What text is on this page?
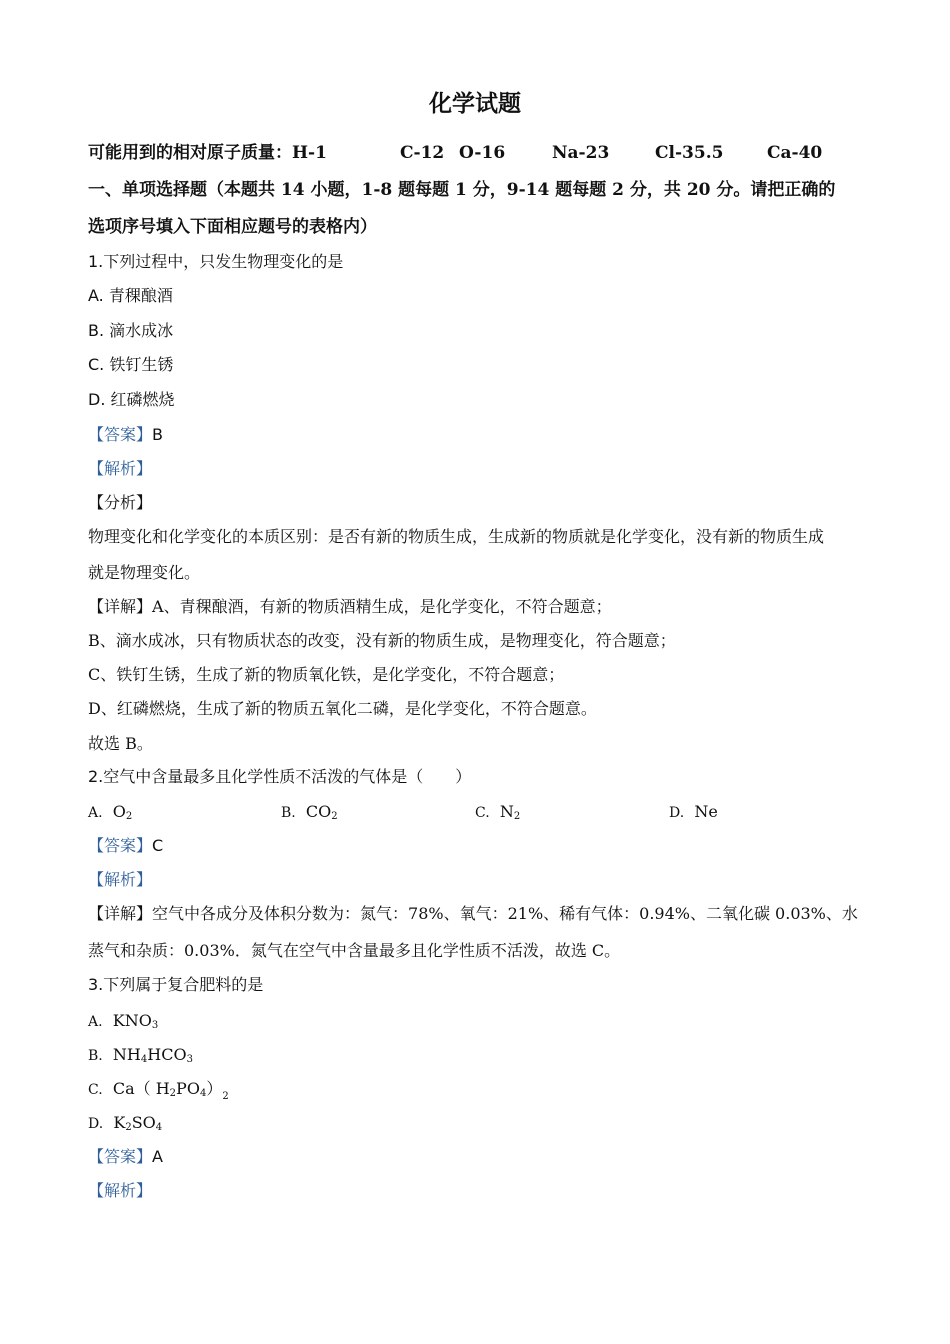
化学试题
可能用到的相对原子质量：H-1	C-12 O-16	Na-23	Cl-35.5	Ca-40
一、单项选择题（本题共 14 小题，1-8 题每题 1 分，9-14 题每题 2 分，共 20 分。请把正确的
选项序号填入下面相应题号的表格内）
1.下列过程中，只发生物理变化的是
A. 青稞酿酒
B. 滴水成冰
C. 铁钉生锈
D. 红磷燃烧
【答案】B
【解析】
【分析】
物理变化和化学变化的本质区别：是否有新的物质生成，生成新的物质就是化学变化，没有新的物质生成
就是物理变化。
【详解】A、青稞酿酒，有新的物质酒精生成，是化学变化，不符合题意；
B、滴水成冰，只有物质状态的改变，没有新的物质生成，是物理变化，符合题意；
C、铁钉生锈，生成了新的物质氧化铁，是化学变化，不符合题意；
D、红磷燃烧，生成了新的物质五氧化二磷，是化学变化，不符合题意。
故选 B。
2.空气中含量最多且化学性质不活泼的气体是（　　）
A. $O_2$	B. $CO_2$	C. $N_2$	D. Ne
【答案】C
【解析】
【详解】空气中各成分及体积分数为：氮气：78%、氧气：21%、稀有气体：0.94%、二氧化碳 0.03%、水
蒸气和杂质：0.03%．氮气在空气中含量最多且化学性质不活泼，故选 C。
3.下列属于复合肥料的是
A. $KNO_3$
B. $NH_4HCO_3$
C. Ca（ $H_2PO_4)_2$
D. $K_2SO_4$
【答案】A
【解析】
